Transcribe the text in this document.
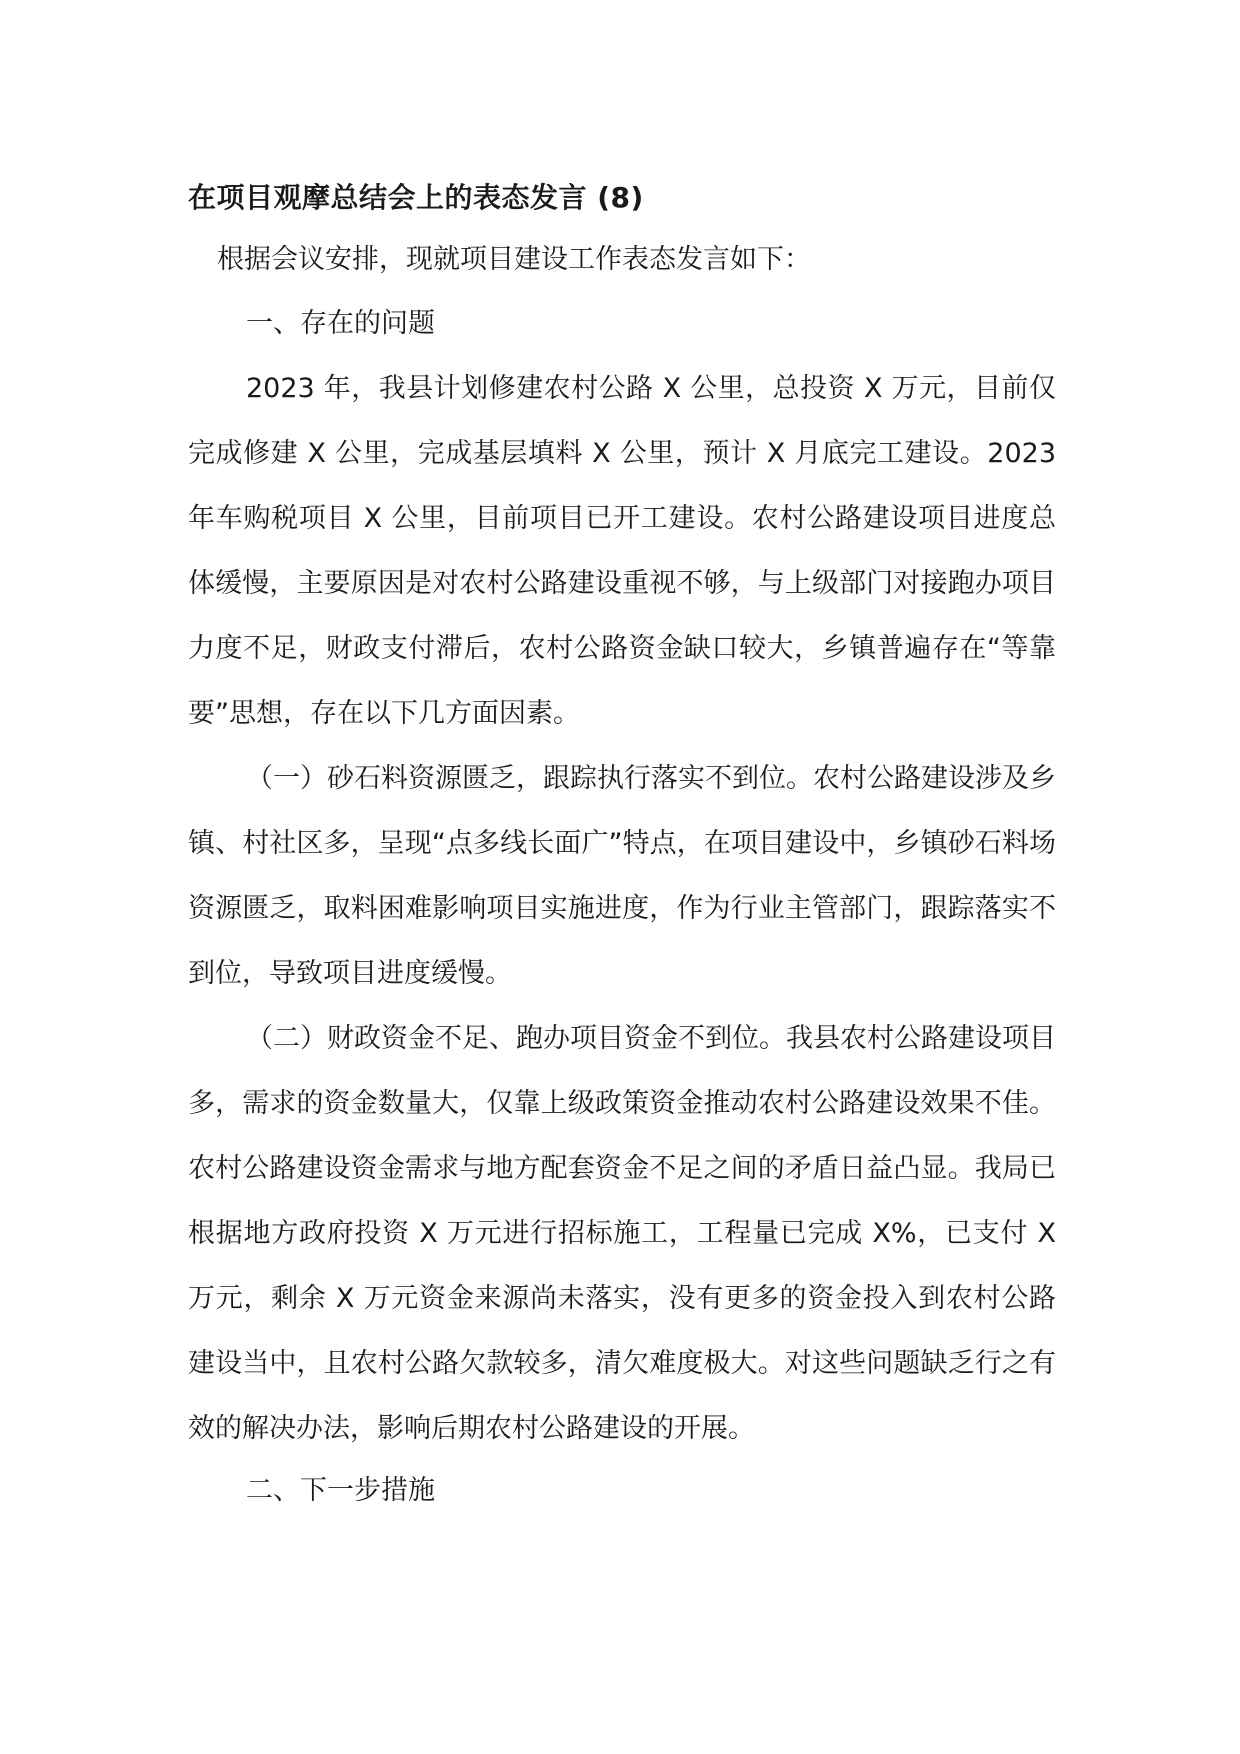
在项目观摩总结会上的表态发言 (8)

根据会议安排，现就项目建设工作表态发言如下：

一、存在的问题

2023 年，我县计划修建农村公路 X 公里，总投资 X 万元，目前仅完成修建 X 公里，完成基层填料 X 公里，预计 X 月底完工建设。2023 年车购税项目 X 公里，目前项目已开工建设。农村公路建设项目进度总体缓慢，主要原因是对农村公路建设重视不够，与上级部门对接跑办项目力度不足，财政支付滞后，农村公路资金缺口较大，乡镇普遍存在“等靠要”思想，存在以下几方面因素。

（一）砂石料资源匮乏，跟踪执行落实不到位。农村公路建设涉及乡镇、村社区多，呈现“点多线长面广”特点，在项目建设中，乡镇砂石料场资源匮乏，取料困难影响项目实施进度，作为行业主管部门，跟踪落实不到位，导致项目进度缓慢。

（二）财政资金不足、跑办项目资金不到位。我县农村公路建设项目多，需求的资金数量大，仅靠上级政策资金推动农村公路建设效果不佳。农村公路建设资金需求与地方配套资金不足之间的矛盾日益凸显。我局已根据地方政府投资 X 万元进行招标施工，工程量已完成 X%，已支付 X 万元，剩余 X 万元资金来源尚未落实，没有更多的资金投入到农村公路建设当中，且农村公路欠款较多，清欠难度极大。对这些问题缺乏行之有效的解决办法，影响后期农村公路建设的开展。

二、下一步措施
